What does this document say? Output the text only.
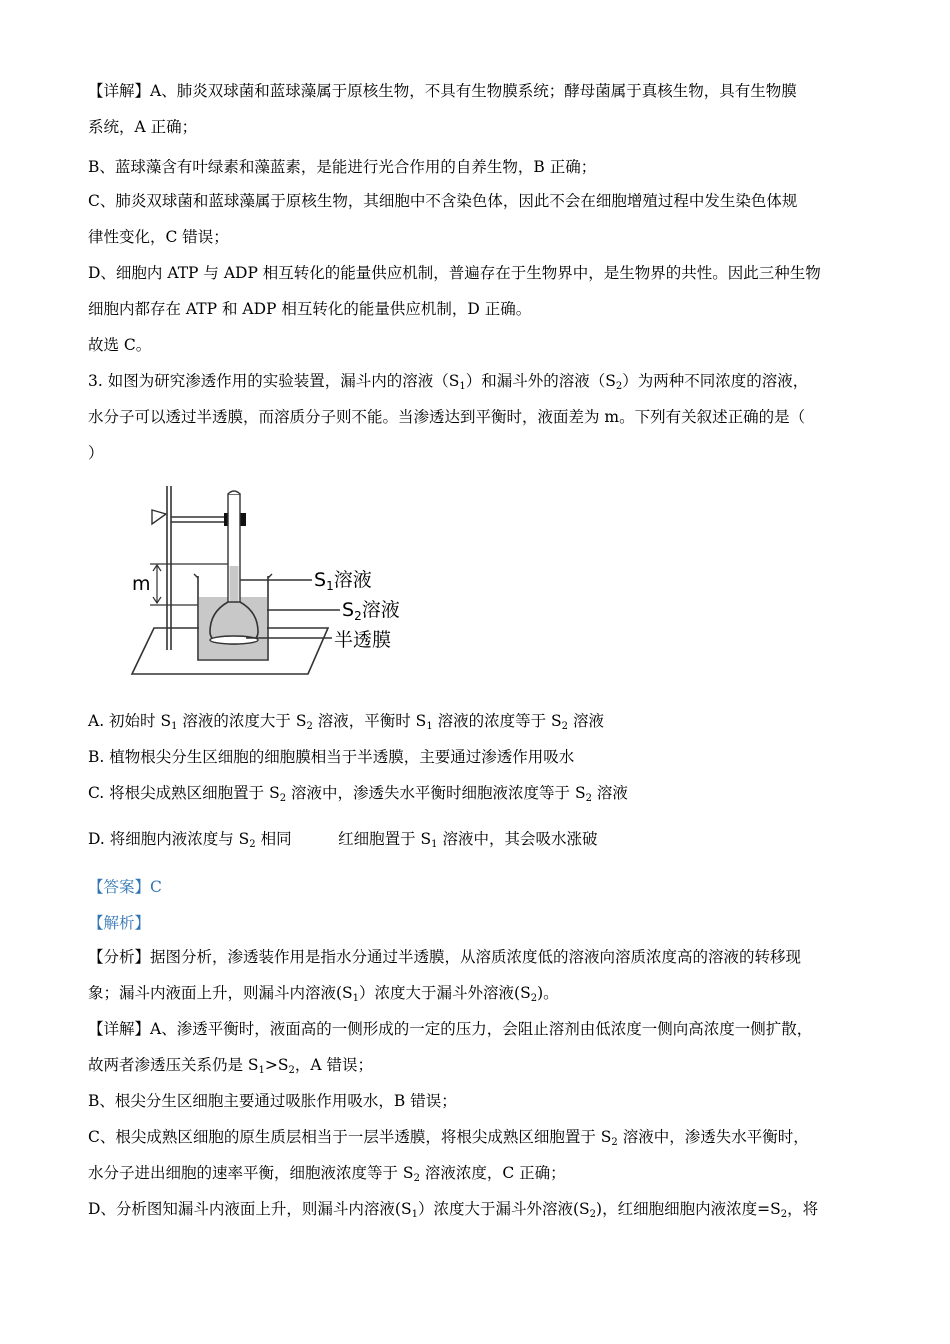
【详解】A、肺炎双球菌和蓝球藻属于原核生物，不具有生物膜系统；酵母菌属于真核生物，具有生物膜
系统，A 正确；
B、蓝球藻含有叶绿素和藻蓝素，是能进行光合作用的自养生物，B 正确；
C、肺炎双球菌和蓝球藻属于原核生物，其细胞中不含染色体，因此不会在细胞增殖过程中发生染色体规
律性变化，C 错误；
D、细胞内 ATP 与 ADP 相互转化的能量供应机制，普遍存在于生物界中，是生物界的共性。因此三种生物
细胞内都存在 ATP 和 ADP 相互转化的能量供应机制，D 正确。
故选 C。
3. 如图为研究渗透作用的实验装置，漏斗内的溶液$(S_1)$和漏斗外的溶液$(S_2)$为两种不同浓度的溶液，
水分子可以透过半透膜，而溶质分子则不能。当渗透达到平衡时，液面差为 m。下列有关叙述正确的是（
）
A. 初始时 $S_1$ 溶液的浓度大于 $S_2$ 溶液，平衡时 $S_1$ 溶液的浓度等于 $S_2$ 溶液
B. 植物根尖分生区细胞的细胞膜相当于半透膜，主要通过渗透作用吸水
C. 将根尖成熟区细胞置于 $S_2$ 溶液中，渗透失水平衡时细胞液浓度等于 $S_2$ 溶液
D. 将细胞内液浓度与 $S_2$ 相同　　　红细胞置于 $S_1$ 溶液中，其会吸水涨破
【答案】C
【解析】
【分析】据图分析，渗透装作用是指水分通过半透膜，从溶质浓度低的溶液向溶质浓度高的溶液的转移现
象；漏斗内液面上升，则漏斗内溶液$(S_1)$浓度大于漏斗外溶液$(S_2)$。
【详解】A、渗透平衡时，液面高的一侧形成的一定的压力，会阻止溶剂由低浓度一侧向高浓度一侧扩散，
故两者渗透压关系仍是 $S_1>S_2$，A 错误；
B、根尖分生区细胞主要通过吸胀作用吸水，B 错误；
C、根尖成熟区细胞的原生质层相当于一层半透膜，将根尖成熟区细胞置于 $S_2$ 溶液中，渗透失水平衡时，
水分子进出细胞的速率平衡，细胞液浓度等于 $S_2$ 溶液浓度，C 正确；
D、分析图知漏斗内液面上升，则漏斗内溶液$(S_1)$浓度大于漏斗外溶液$(S_2)$，红细胞细胞内液浓度$=S_2$，将
m	$S_1$溶液
$S_2$溶液
半透膜
